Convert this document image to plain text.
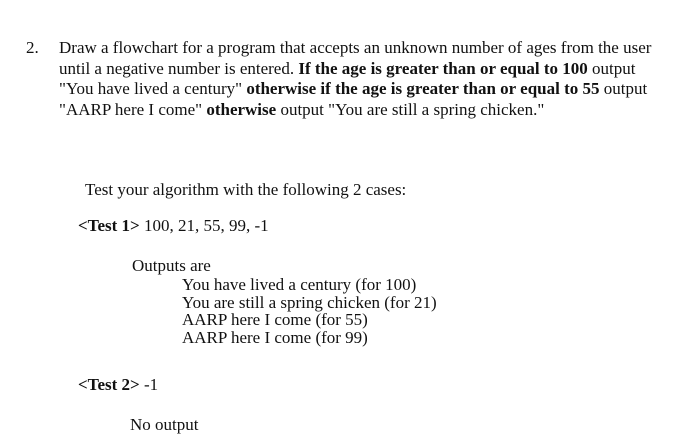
2. Draw a flowchart for a program that accepts an unknown number of ages from the user until a negative number is entered. If the age is greater than or equal to 100 output "You have lived a century" otherwise if the age is greater than or equal to 55 output "AARP here I come" otherwise output "You are still a spring chicken."
Test your algorithm with the following 2 cases:
<Test 1> 100, 21, 55, 99, -1
Outputs are
You have lived a century (for 100)
You are still a spring chicken (for 21)
AARP here I come (for 55)
AARP here I come (for 99)
<Test 2> -1
No output
